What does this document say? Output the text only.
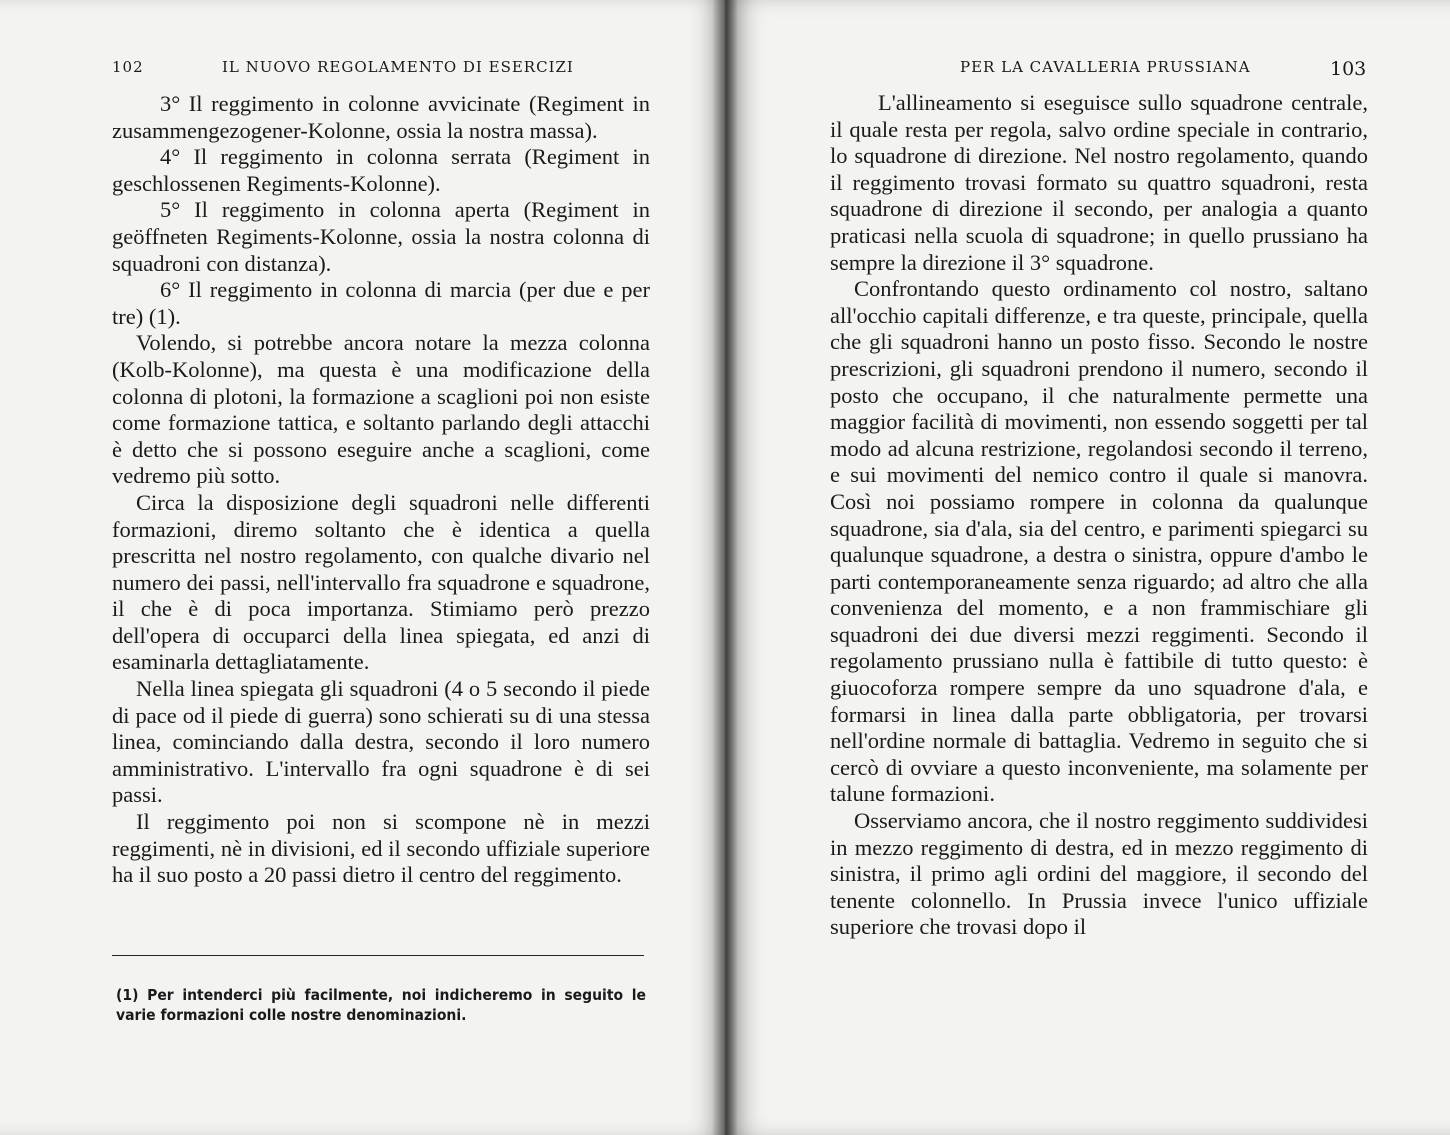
102	IL NUOVO REGOLAMENTO DI ESERCIZI

3° Il reggimento in colonne avvicinate (Regiment in zusammengezogener-Kolonne, ossia la nostra massa).

4° Il reggimento in colonna serrata (Regiment in geschlossenen Regiments-Kolonne).

5° Il reggimento in colonna aperta (Regiment in geöffneten Regiments-Kolonne, ossia la nostra colonna di squadroni con distanza).

6° Il reggimento in colonna di marcia (per due e per tre) (1).

Volendo, si potrebbe ancora notare la mezza colonna (Kolb-Kolonne), ma questa è una modificazione della colonna di plotoni, la formazione a scaglioni poi non esiste come formazione tattica, e soltanto parlando degli attacchi è detto che si possono eseguire anche a scaglioni, come vedremo più sotto.

Circa la disposizione degli squadroni nelle differenti formazioni, diremo soltanto che è identica a quella prescritta nel nostro regolamento, con qualche divario nel numero dei passi, nell'intervallo fra squadrone e squadrone, il che è di poca importanza. Stimiamo però prezzo dell'opera di occuparci della linea spiegata, ed anzi di esaminarla dettagliatamente.

Nella linea spiegata gli squadroni (4 o 5 secondo il piede di pace od il piede di guerra) sono schierati su di una stessa linea, cominciando dalla destra, secondo il loro numero amministrativo. L'intervallo fra ogni squadrone è di sei passi.

Il reggimento poi non si scompone nè in mezzi reggimenti, nè in divisioni, ed il secondo uffiziale superiore ha il suo posto a 20 passi dietro il centro del reggimento.

(1) Per intenderci più facilmente, noi indicheremo in seguito le varie formazioni colle nostre denominazioni.

PER LA CAVALLERIA PRUSSIANA	103

L'allineamento si eseguisce sullo squadrone centrale, il quale resta per regola, salvo ordine speciale in contrario, lo squadrone di direzione. Nel nostro regolamento, quando il reggimento trovasi formato su quattro squadroni, resta squadrone di direzione il secondo, per analogia a quanto praticasi nella scuola di squadrone; in quello prussiano ha sempre la direzione il 3° squadrone.

Confrontando questo ordinamento col nostro, saltano all'occhio capitali differenze, e tra queste, principale, quella che gli squadroni hanno un posto fisso. Secondo le nostre prescrizioni, gli squadroni prendono il numero, secondo il posto che occupano, il che naturalmente permette una maggior facilità di movimenti, non essendo soggetti per tal modo ad alcuna restrizione, regolandosi secondo il terreno, e sui movimenti del nemico contro il quale si manovra. Così noi possiamo rompere in colonna da qualunque squadrone, sia d'ala, sia del centro, e parimenti spiegarci su qualunque squadrone, a destra o sinistra, oppure d'ambo le parti contemporaneamente senza riguardo; ad altro che alla convenienza del momento, e a non frammischiare gli squadroni dei due diversi mezzi reggimenti. Secondo il regolamento prussiano nulla è fattibile di tutto questo: è giuocoforza rompere sempre da uno squadrone d'ala, e formarsi in linea dalla parte obbligatoria, per trovarsi nell'ordine normale di battaglia. Vedremo in seguito che si cercò di ovviare a questo inconveniente, ma solamente per talune formazioni.

Osserviamo ancora, che il nostro reggimento suddividesi in mezzo reggimento di destra, ed in mezzo reggimento di sinistra, il primo agli ordini del maggiore, il secondo del tenente colonnello. In Prussia invece l'unico uffiziale superiore che trovasi dopo il
